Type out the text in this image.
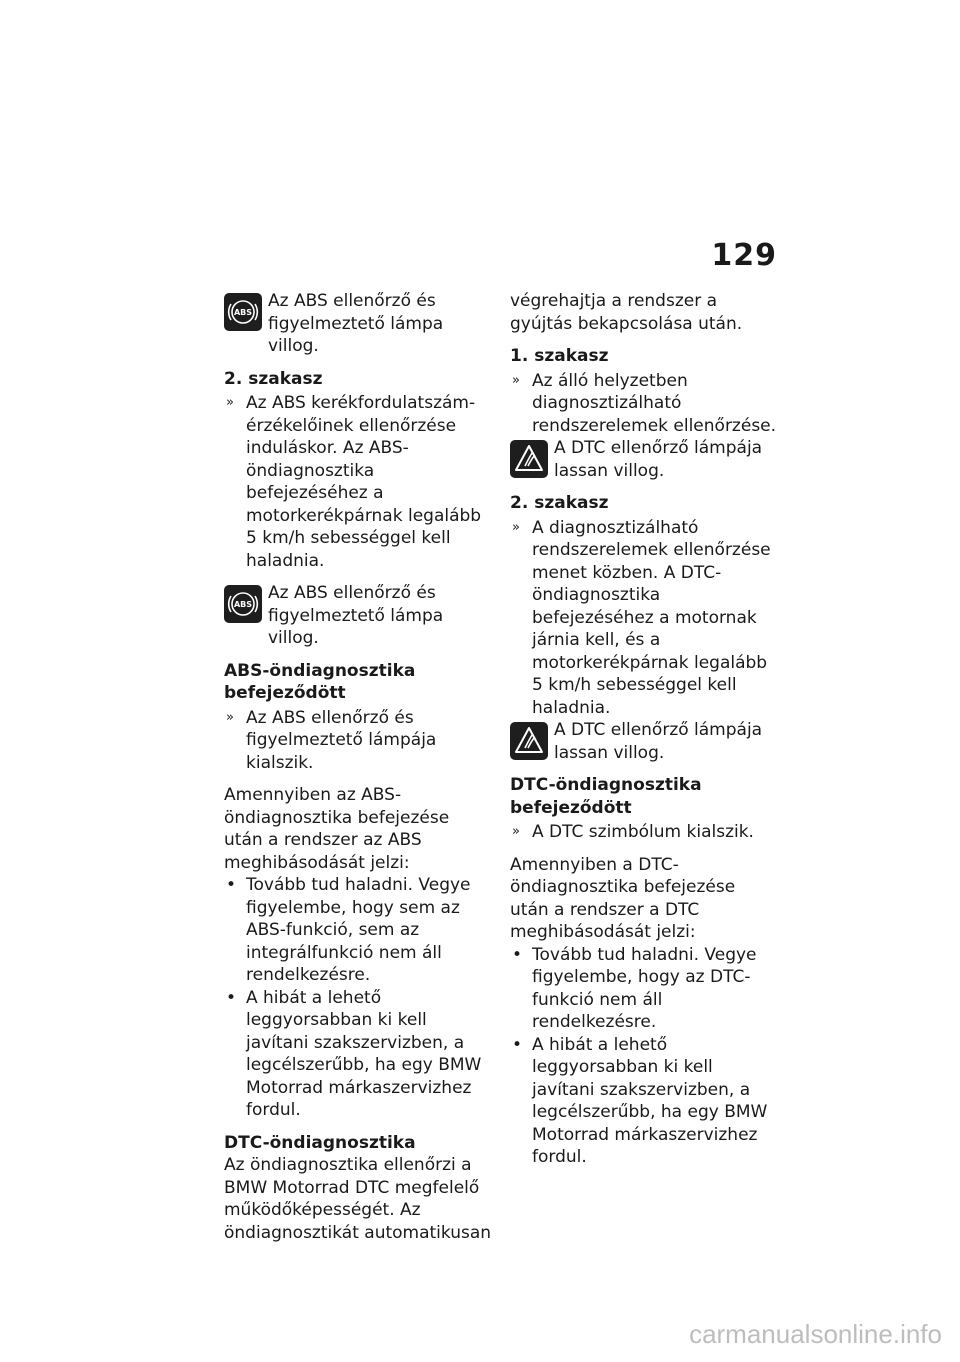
129
ABS
Az ABS ellenőrző és figyelmeztető lámpa villog.
2. szakasz
» Az ABS kerékfordulatszám-érzékelőinek ellenőrzése induláskor. Az ABS-öndiagnosztika befejezéséhez a motorkerékpárnak legalább 5 km/h sebességgel kell haladnia.
ABS
Az ABS ellenőrző és figyelmeztető lámpa villog.
ABS-öndiagnosztika befejeződött
» Az ABS ellenőrző és figyelmeztető lámpája kialszik.
Amennyiben az ABS-öndiagnosztika befejezése után a rendszer az ABS meghibásodását jelzi:
• Tovább tud haladni. Vegye figyelembe, hogy sem az ABS-funkció, sem az integrálfunkció nem áll rendelkezésre.
• A hibát a lehető leggyorsabban ki kell javítani szakszervizben, a legcélszerűbb, ha egy BMW Motorrad márkaszervizhez fordul.
DTC-öndiagnosztika
Az öndiagnosztika ellenőrzi a BMW Motorrad DTC megfelelő működőképességét. Az öndiagnosztikát automatikusan
végrehajtja a rendszer a gyújtás bekapcsolása után.
1. szakasz
» Az álló helyzetben diagnosztizálható rendszerelemek ellenőrzése.
A DTC ellenőrző lámpája lassan villog.
2. szakasz
» A diagnosztizálható rendszerelemek ellenőrzése menet közben. A DTC-öndiagnosztika befejezéséhez a motornak járnia kell, és a motorkerékpárnak legalább 5 km/h sebességgel kell haladnia.
A DTC ellenőrző lámpája lassan villog.
DTC-öndiagnosztika befejeződött
» A DTC szimbólum kialszik.
Amennyiben a DTC-öndiagnosztika befejezése után a rendszer a DTC meghibásodását jelzi:
• Tovább tud haladni. Vegye figyelembe, hogy az DTC-funkció nem áll rendelkezésre.
• A hibát a lehető leggyorsabban ki kell javítani szakszervizben, a legcélszerűbb, ha egy BMW Motorrad márkaszervizhez fordul.
carmanualsonline.info
